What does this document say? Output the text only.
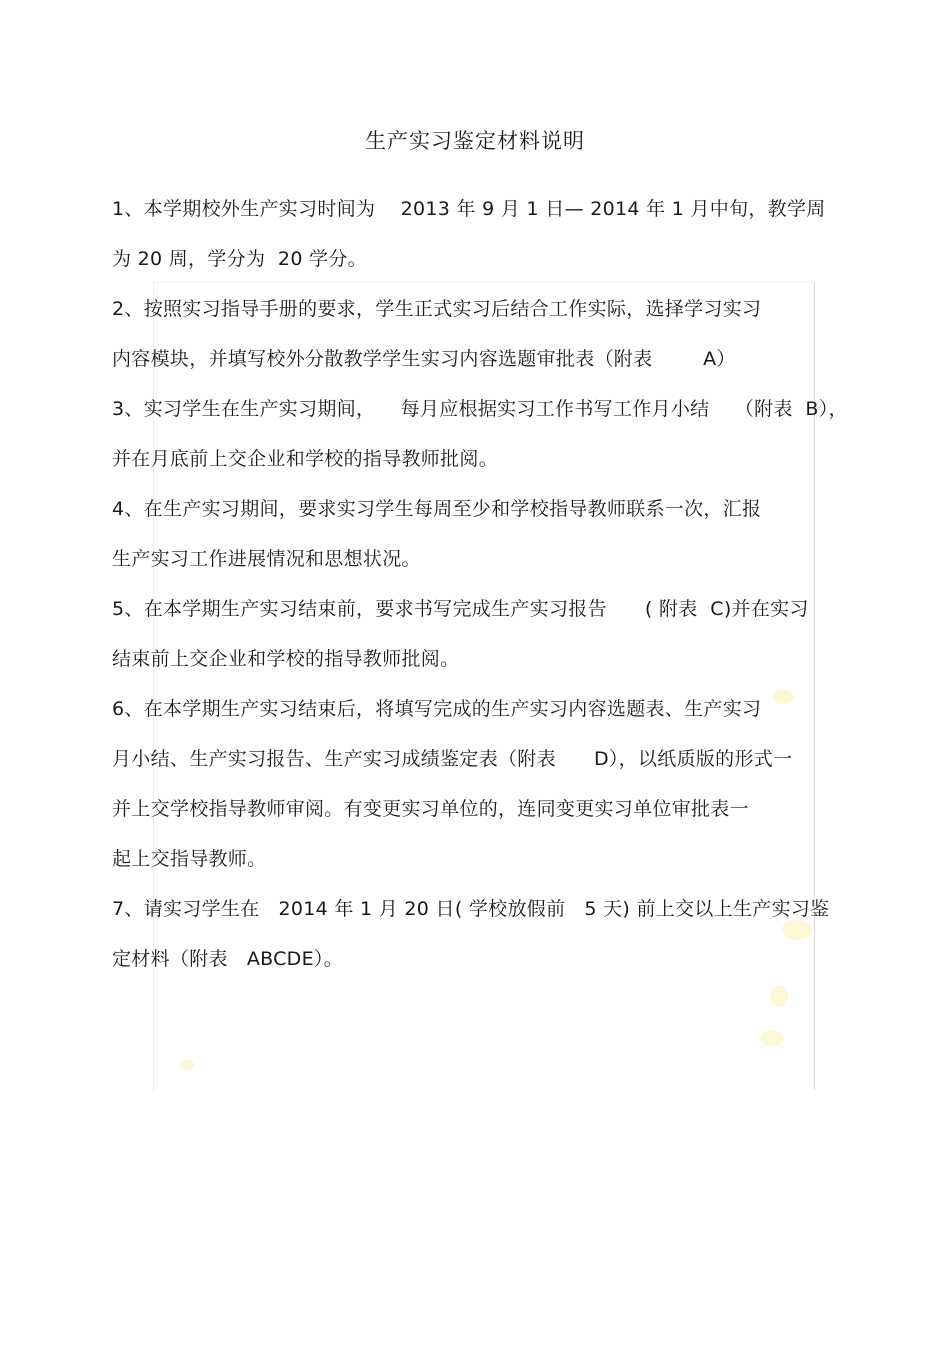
生产实习鉴定材料说明
1、本学期校外生产实习时间为    2013 年 9 月 1 日— 2014 年 1 月中旬，教学周
为 20 周，学分为  20 学分。
2、按照实习指导手册的要求，学生正式实习后结合工作实际，选择学习实习
内容模块，并填写校外分散教学学生实习内容选题审批表（附表        A）
3、实习学生在生产实习期间，    每月应根据实习工作书写工作月小结    （附表  B），
并在月底前上交企业和学校的指导教师批阅。
4、在生产实习期间，要求实习学生每周至少和学校指导教师联系一次，汇报
生产实习工作进展情况和思想状况。
5、在本学期生产实习结束前，要求书写完成生产实习报告      ( 附表  C)并在实习
结束前上交企业和学校的指导教师批阅。
6、在本学期生产实习结束后，将填写完成的生产实习内容选题表、生产实习
月小结、生产实习报告、生产实习成绩鉴定表（附表      D），以纸质版的形式一
并上交学校指导教师审阅。有变更实习单位的，连同变更实习单位审批表一
起上交指导教师。
7、请实习学生在   2014 年 1 月 20 日( 学校放假前   5 天) 前上交以上生产实习鉴
定材料（附表   ABCDE）。
